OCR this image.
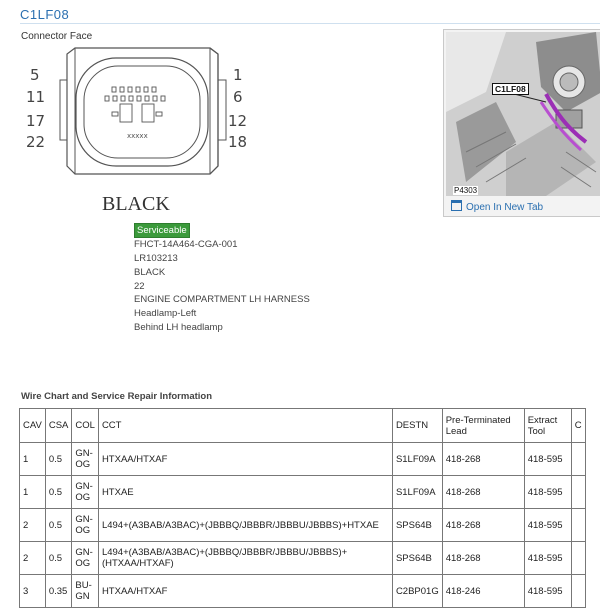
C1LF08
Connector Face
xxxxx
5
11
17
22
1
6
12
18
BLACK
Serviceable
FHCT-14A464-CGA-001
LR103213
BLACK
22
ENGINE COMPARTMENT LH HARNESS
Headlamp-Left
Behind LH headlamp
C1LF08
P4303
Open In New Tab
Wire Chart and Service Repair Information
CAV	CSA	COL	CCT	DESTN	Pre-Terminated Lead	Extract Tool	C
1	0.5	GN-OG	HTXAA/HTXAF	S1LF09A	418-268	418-595	
1	0.5	GN-OG	HTXAE	S1LF09A	418-268	418-595	
2	0.5	GN-OG	L494+(A3BAB/A3BAC)+(JBBBQ/JBBBR/JBBBU/JBBBS)+HTXAE	SPS64B	418-268	418-595	
2	0.5	GN-OG	L494+(A3BAB/A3BAC)+(JBBBQ/JBBBR/JBBBU/JBBBS)+(HTXAA/HTXAF)	SPS64B	418-268	418-595	
3	0.35	BU-GN	HTXAA/HTXAF	C2BP01G	418-246	418-595	
